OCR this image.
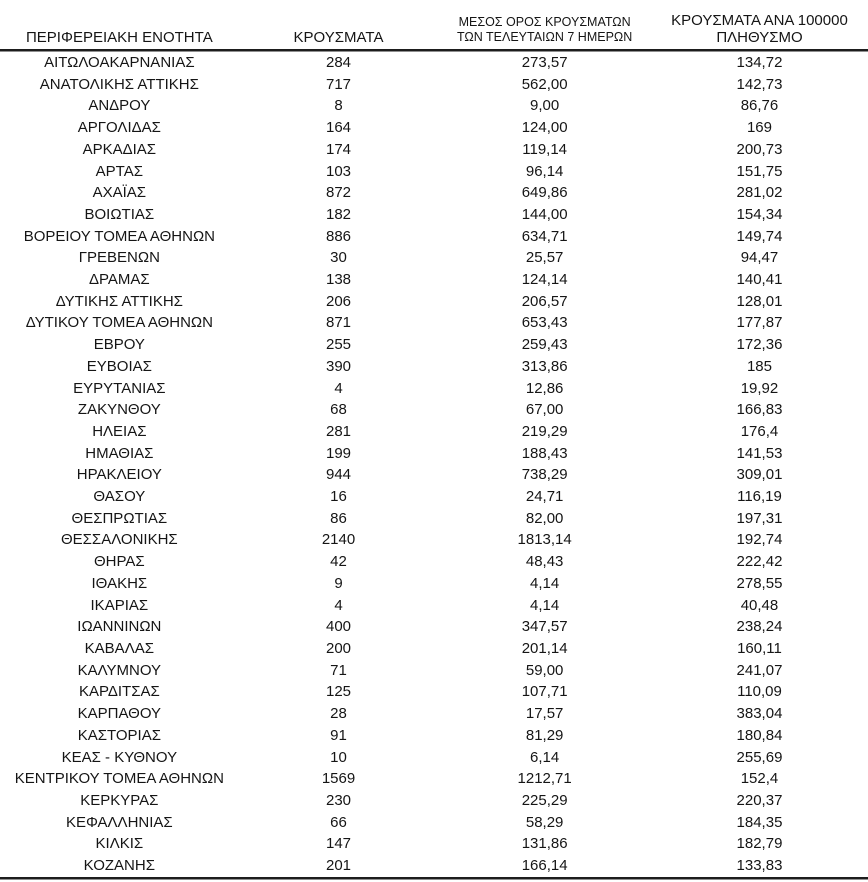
ΠΕΡΙΦΕΡΕΙΑΚΗ ΕΝΟΤΗΤΑ	ΚΡΟΥΣΜΑΤΑ	ΜΕΣΟΣ ΟΡΟΣ ΚΡΟΥΣΜΑΤΩΝ
ΤΩΝ ΤΕΛΕΥΤΑΙΩΝ 7 ΗΜΕΡΩΝ	ΚΡΟΥΣΜΑΤΑ ΑΝΑ 100000
ΠΛΗΘΥΣΜΟ

ΑΙΤΩΛΟΑΚΑΡΝΑΝΙΑΣ	284	273,57	134,72
ΑΝΑΤΟΛΙΚΗΣ ΑΤΤΙΚΗΣ	717	562,00	142,73
ΑΝΔΡΟΥ	8	9,00	86,76
ΑΡΓΟΛΙΔΑΣ	164	124,00	169
ΑΡΚΑΔΙΑΣ	174	119,14	200,73
ΑΡΤΑΣ	103	96,14	151,75
ΑΧΑΪΑΣ	872	649,86	281,02
ΒΟΙΩΤΙΑΣ	182	144,00	154,34
ΒΟΡΕΙΟΥ ΤΟΜΕΑ ΑΘΗΝΩΝ	886	634,71	149,74
ΓΡΕΒΕΝΩΝ	30	25,57	94,47
ΔΡΑΜΑΣ	138	124,14	140,41
ΔΥΤΙΚΗΣ ΑΤΤΙΚΗΣ	206	206,57	128,01
ΔΥΤΙΚΟΥ ΤΟΜΕΑ ΑΘΗΝΩΝ	871	653,43	177,87
ΕΒΡΟΥ	255	259,43	172,36
ΕΥΒΟΙΑΣ	390	313,86	185
ΕΥΡΥΤΑΝΙΑΣ	4	12,86	19,92
ΖΑΚΥΝΘΟΥ	68	67,00	166,83
ΗΛΕΙΑΣ	281	219,29	176,4
ΗΜΑΘΙΑΣ	199	188,43	141,53
ΗΡΑΚΛΕΙΟΥ	944	738,29	309,01
ΘΑΣΟΥ	16	24,71	116,19
ΘΕΣΠΡΩΤΙΑΣ	86	82,00	197,31
ΘΕΣΣΑΛΟΝΙΚΗΣ	2140	1813,14	192,74
ΘΗΡΑΣ	42	48,43	222,42
ΙΘΑΚΗΣ	9	4,14	278,55
ΙΚΑΡΙΑΣ	4	4,14	40,48
ΙΩΑΝΝΙΝΩΝ	400	347,57	238,24
ΚΑΒΑΛΑΣ	200	201,14	160,11
ΚΑΛΥΜΝΟΥ	71	59,00	241,07
ΚΑΡΔΙΤΣΑΣ	125	107,71	110,09
ΚΑΡΠΑΘΟΥ	28	17,57	383,04
ΚΑΣΤΟΡΙΑΣ	91	81,29	180,84
ΚΕΑΣ - ΚΥΘΝΟΥ	10	6,14	255,69
ΚΕΝΤΡΙΚΟΥ ΤΟΜΕΑ ΑΘΗΝΩΝ	1569	1212,71	152,4
ΚΕΡΚΥΡΑΣ	230	225,29	220,37
ΚΕΦΑΛΛΗΝΙΑΣ	66	58,29	184,35
ΚΙΛΚΙΣ	147	131,86	182,79
ΚΟΖΑΝΗΣ	201	166,14	133,83
